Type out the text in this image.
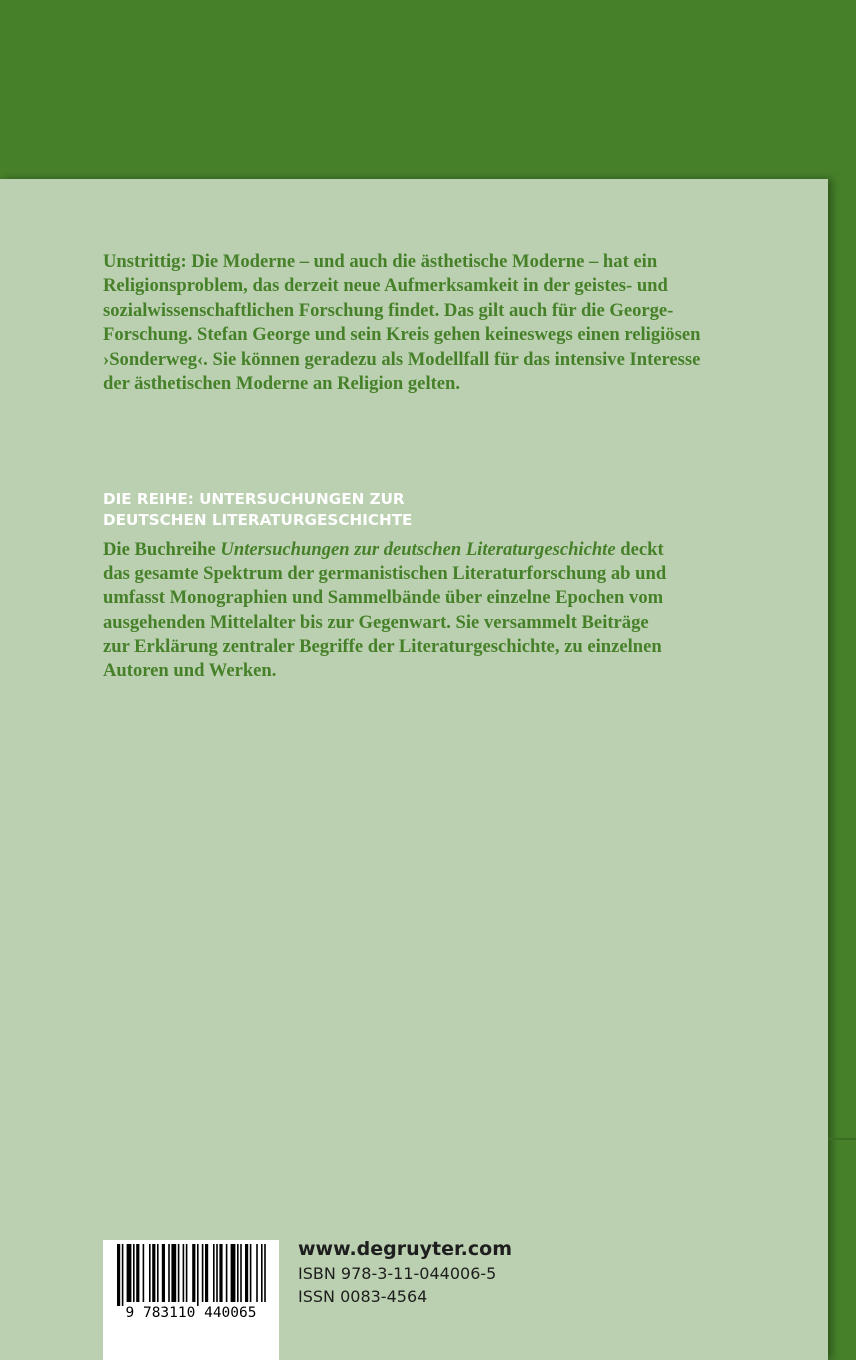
Unstrittig: Die Moderne – und auch die ästhetische Moderne – hat ein
Religionsproblem, das derzeit neue Aufmerksamkeit in der geistes- und
sozialwissenschaftlichen Forschung findet. Das gilt auch für die George-
Forschung. Stefan George und sein Kreis gehen keineswegs einen religiösen
›Sonderweg‹. Sie können geradezu als Modellfall für das intensive Interesse
der ästhetischen Moderne an Religion gelten.
DIE REIHE: UNTERSUCHUNGEN ZUR
DEUTSCHEN LITERATURGESCHICHTE
Die Buchreihe Untersuchungen zur deutschen Literaturgeschichte deckt
das gesamte Spektrum der germanistischen Literaturforschung ab und
umfasst Monographien und Sammelbände über einzelne Epochen vom
ausgehenden Mittelalter bis zur Gegenwart. Sie versammelt Beiträge
zur Erklärung zentraler Begriffe der Literaturgeschichte, zu einzelnen
Autoren und Werken.
9 783110 440065
www.degruyter.com
ISBN 978-3-11-044006-5
ISSN 0083-4564
